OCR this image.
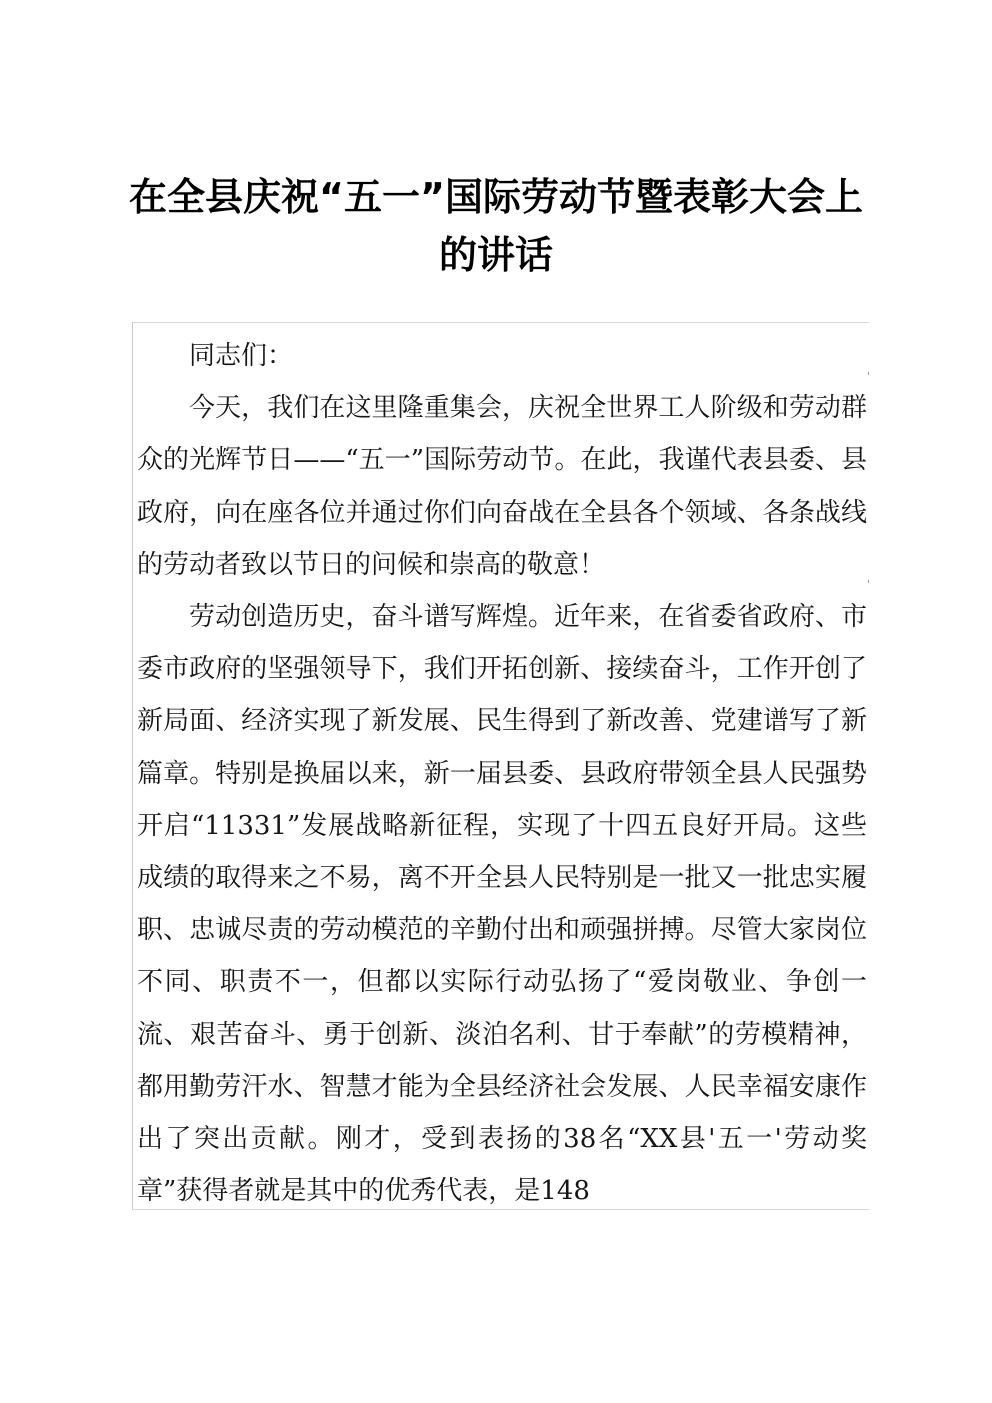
在全县庆祝“五一”国际劳动节暨表彰大会上
的讲话

同志们：

今天，我们在这里隆重集会，庆祝全世界工人阶级和劳动群众的光辉节日——“五一”国际劳动节。在此，我谨代表县委、县政府，向在座各位并通过你们向奋战在全县各个领域、各条战线的劳动者致以节日的问候和崇高的敬意！

劳动创造历史，奋斗谱写辉煌。近年来，在省委省政府、市委市政府的坚强领导下，我们开拓创新、接续奋斗，工作开创了新局面、经济实现了新发展、民生得到了新改善、党建谱写了新篇章。特别是换届以来，新一届县委、县政府带领全县人民强势开启“11331”发展战略新征程，实现了十四五良好开局。这些成绩的取得来之不易，离不开全县人民特别是一批又一批忠实履职、忠诚尽责的劳动模范的辛勤付出和顽强拼搏。尽管大家岗位不同、职责不一，但都以实际行动弘扬了“爱岗敬业、争创一流、艰苦奋斗、勇于创新、淡泊名利、甘于奉献”的劳模精神，都用勤劳汗水、智慧才能为全县经济社会发展、人民幸福安康作出了突出贡献。刚才，受到表扬的38名“XX县'五一'劳动奖章”获得者就是其中的优秀代表，是148
